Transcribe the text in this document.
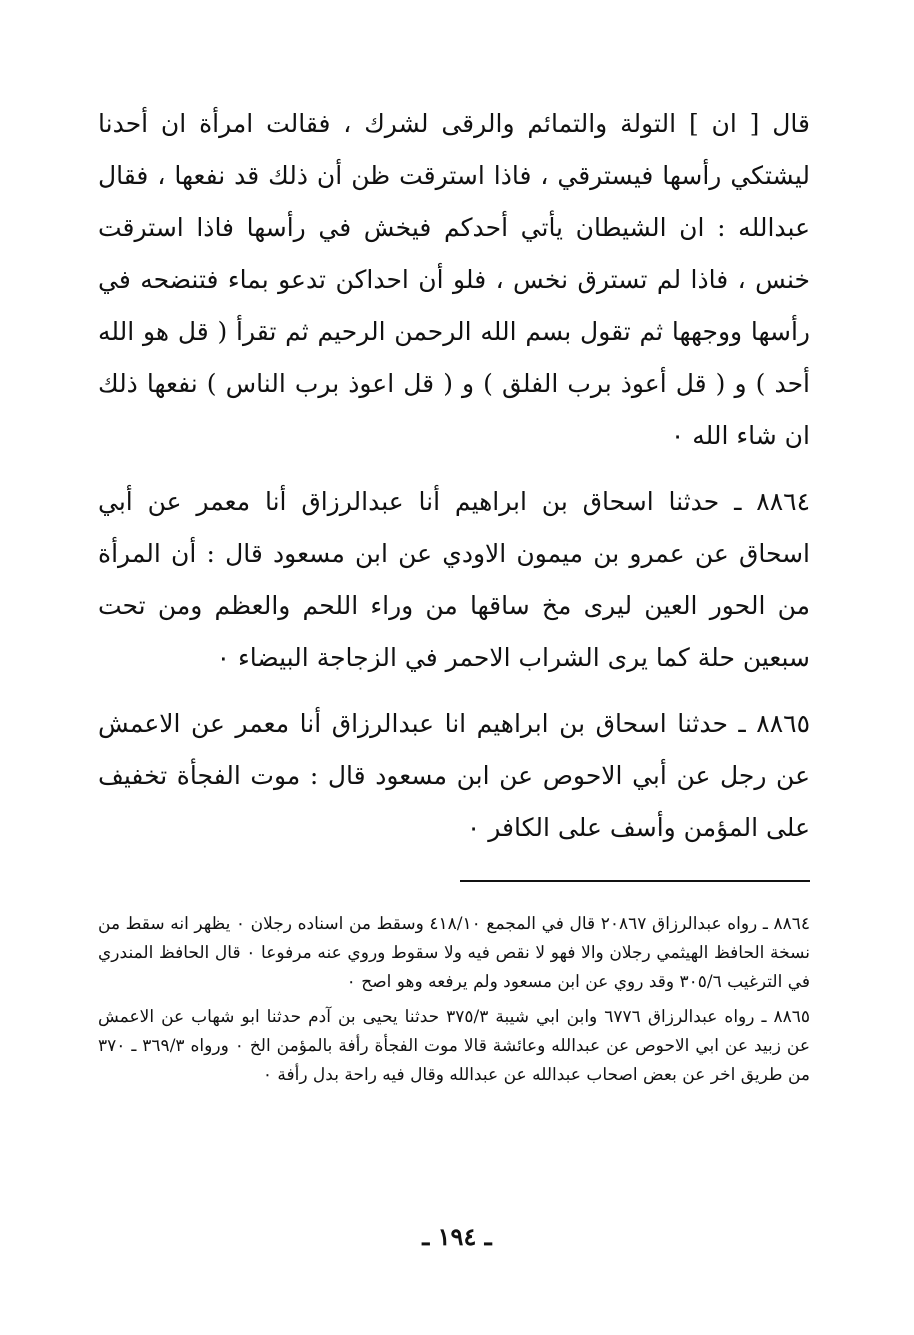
قال [ ان ] التولة والتمائم والرقى لشرك ، فقالت امرأة ان أحدنا ليشتكي رأسها فيسترقي ، فاذا استرقت ظن أن ذلك قد نفعها ، فقال عبدالله : ان الشيطان يأتي أحدكم فيخش في رأسها فاذا استرقت خنس ، فاذا لم تسترق نخس ، فلو أن احداكن تدعو بماء فتنضحه في رأسها ووجهها ثم تقول بسم الله الرحمن الرحيم ثم تقرأ ( قل هو الله أحد ) و ( قل أعوذ برب الفلق ) و ( قل اعوذ برب الناس ) نفعها ذلك ان شاء الله ٠

٨٨٦٤ ـ حدثنا اسحاق بن ابراهيم أنا عبدالرزاق أنا معمر عن أبي اسحاق عن عمرو بن ميمون الاودي عن ابن مسعود قال : أن المرأة من الحور العين ليرى مخ ساقها من وراء اللحم والعظم ومن تحت سبعين حلة كما يرى الشراب الاحمر في الزجاجة البيضاء ٠

٨٨٦٥ ـ حدثنا اسحاق بن ابراهيم انا عبدالرزاق أنا معمر عن الاعمش عن رجل عن أبي الاحوص عن ابن مسعود قال : موت الفجأة تخفيف على المؤمن وأسف على الكافر ٠

٨٨٦٤ ـ رواه عبدالرزاق ٢٠٨٦٧ قال في المجمع ٤١٨/١٠ وسقط من اسناده رجلان ٠ يظهر انه سقط من نسخة الحافظ الهيثمي رجلان والا فهو لا نقص فيه ولا سقوط وروي عنه مرفوعا ٠ قال الحافظ المندري في الترغيب ٣٠٥/٦ وقد روي عن ابن مسعود ولم يرفعه وهو اصح ٠

٨٨٦٥ ـ رواه عبدالرزاق ٦٧٧٦ وابن ابي شيبة ٣٧٥/٣ حدثنا يحيى بن آدم حدثنا ابو شهاب عن الاعمش عن زبيد عن ابي الاحوص عن عبدالله وعائشة قالا موت الفجأة رأفة بالمؤمن الخ ٠ ورواه ٣٦٩/٣ ـ ٣٧٠ من طريق اخر عن بعض اصحاب عبدالله عن عبدالله وقال فيه راحة بدل رأفة ٠

ـ ١٩٤ ـ
